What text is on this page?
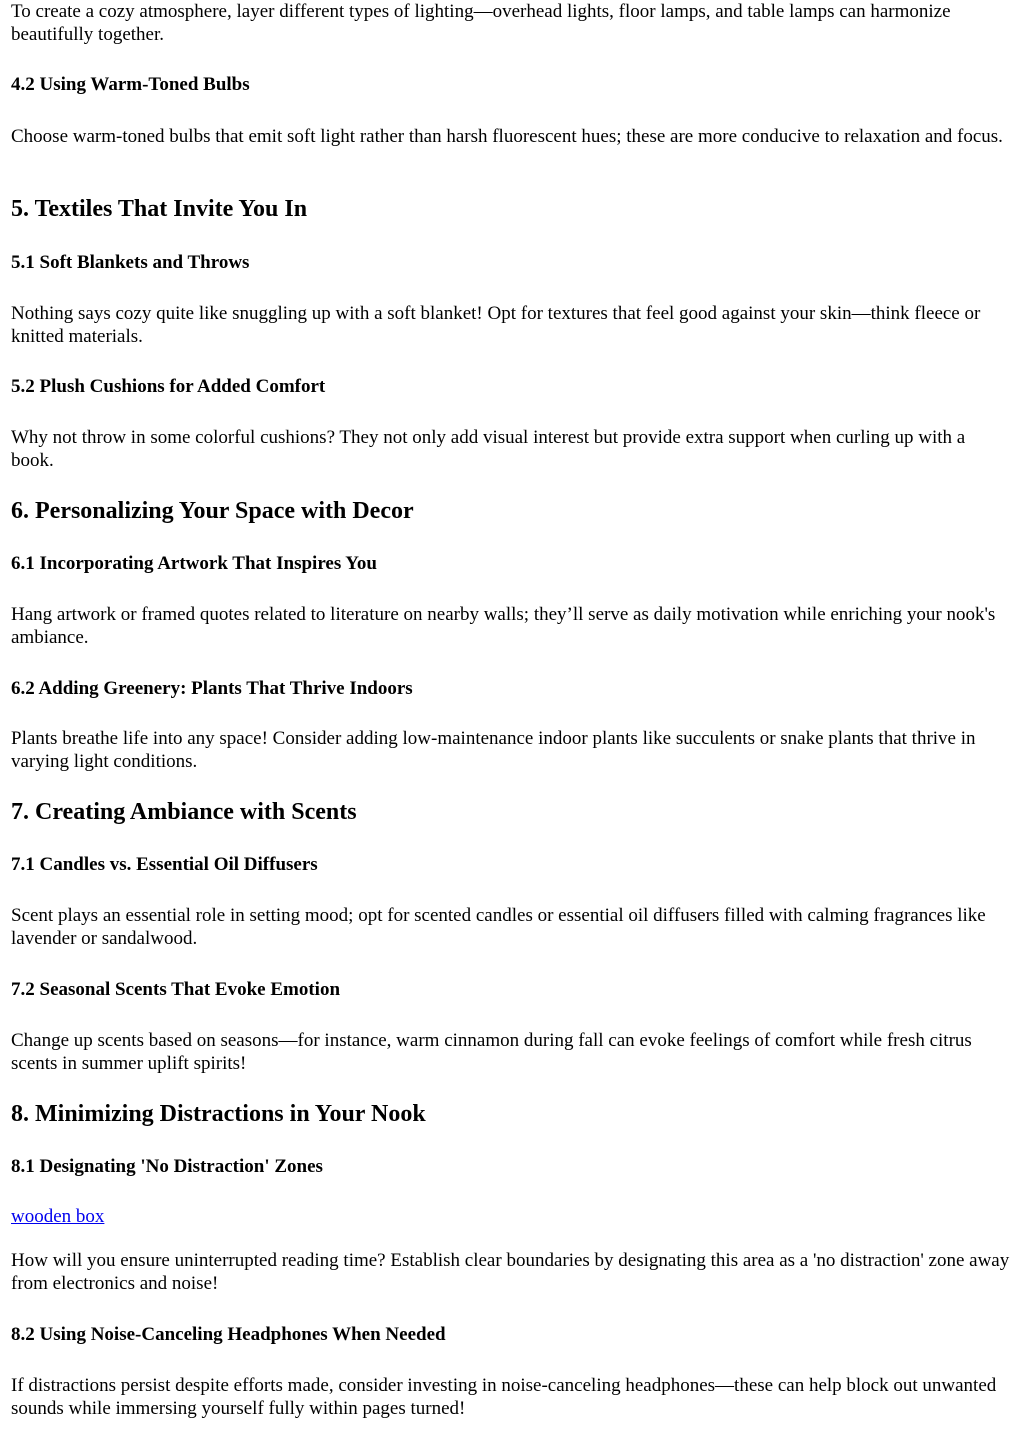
To create a cozy atmosphere, layer different types of lighting—overhead lights, floor lamps, and table lamps can harmonize beautifully together.

4.2 Using Warm-Toned Bulbs

Choose warm-toned bulbs that emit soft light rather than harsh fluorescent hues; these are more conducive to relaxation and focus.

5. Textiles That Invite You In
5.1 Soft Blankets and Throws

Nothing says cozy quite like snuggling up with a soft blanket! Opt for textures that feel good against your skin—think fleece or knitted materials.

5.2 Plush Cushions for Added Comfort

Why not throw in some colorful cushions? They not only add visual interest but provide extra support when curling up with a book.

6. Personalizing Your Space with Decor
6.1 Incorporating Artwork That Inspires You

Hang artwork or framed quotes related to literature on nearby walls; they’ll serve as daily motivation while enriching your nook's ambiance.

6.2 Adding Greenery: Plants That Thrive Indoors

Plants breathe life into any space! Consider adding low-maintenance indoor plants like succulents or snake plants that thrive in varying light conditions.

7. Creating Ambiance with Scents
7.1 Candles vs. Essential Oil Diffusers

Scent plays an essential role in setting mood; opt for scented candles or essential oil diffusers filled with calming fragrances like lavender or sandalwood.

7.2 Seasonal Scents That Evoke Emotion

Change up scents based on seasons—for instance, warm cinnamon during fall can evoke feelings of comfort while fresh citrus scents in summer uplift spirits!

8. Minimizing Distractions in Your Nook
8.1 Designating 'No Distraction' Zones
wooden box

How will you ensure uninterrupted reading time? Establish clear boundaries by designating this area as a 'no distraction' zone away from electronics and noise!

8.2 Using Noise-Canceling Headphones When Needed

If distractions persist despite efforts made, consider investing in noise-canceling headphones—these can help block out unwanted sounds while immersing yourself fully within pages turned!
